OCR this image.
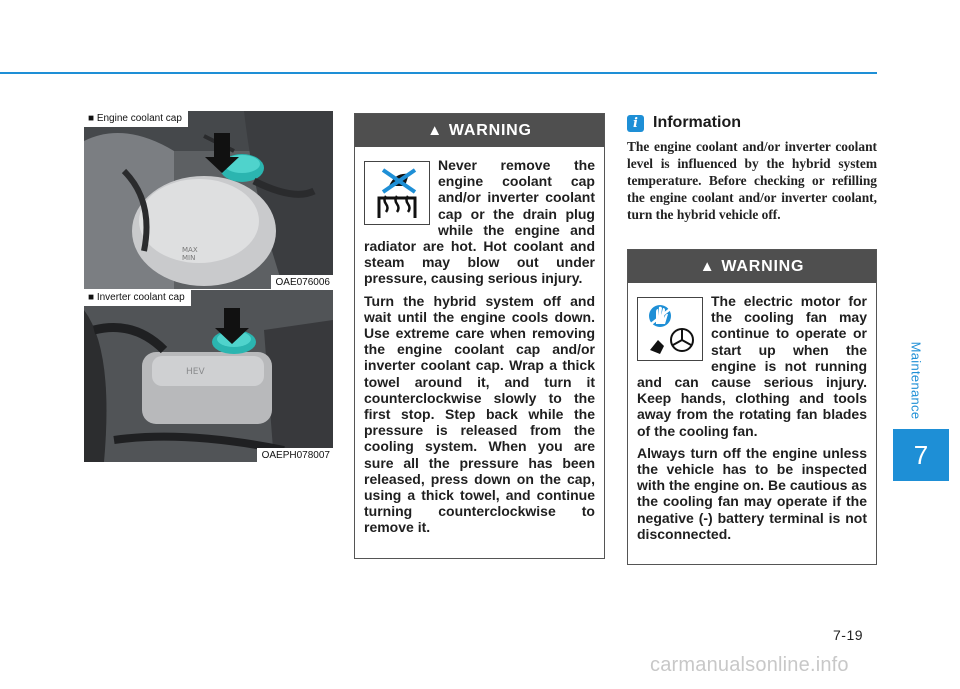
MAX
MIN
■ Engine coolant cap
OAE076006
HEV
■ Inverter coolant cap
OAEPH078007
▲ WARNING

Never remove the engine coolant cap and/or inverter coolant cap or the drain plug while the engine and radiator are hot. Hot coolant and steam may blow out under pressure, causing serious injury.

Turn the hybrid system off and wait until the engine cools down. Use extreme care when removing the engine coolant cap and/or inverter coolant cap. Wrap a thick towel around it, and turn it counterclockwise slowly to the first stop. Step back while the pressure is released from the cooling system. When you are sure all the pressure has been released, press down on the cap, using a thick towel, and continue turning counterclockwise to remove it.

i Information

The engine coolant and/or inverter coolant level is influenced by the hybrid system temperature. Before checking or refilling the engine coolant and/or inverter coolant, turn the hybrid vehicle off.

▲ WARNING

The electric motor for the cooling fan may continue to operate or start up when the engine is not running and can cause serious injury. Keep hands, clothing and tools away from the rotating fan blades of the cooling fan.

Always turn off the engine unless the vehicle has to be inspected with the engine on. Be cautious as the cooling fan may operate if the negative (-) battery terminal is not disconnected.

Maintenance
7
7-19
carmanualsonline.info
